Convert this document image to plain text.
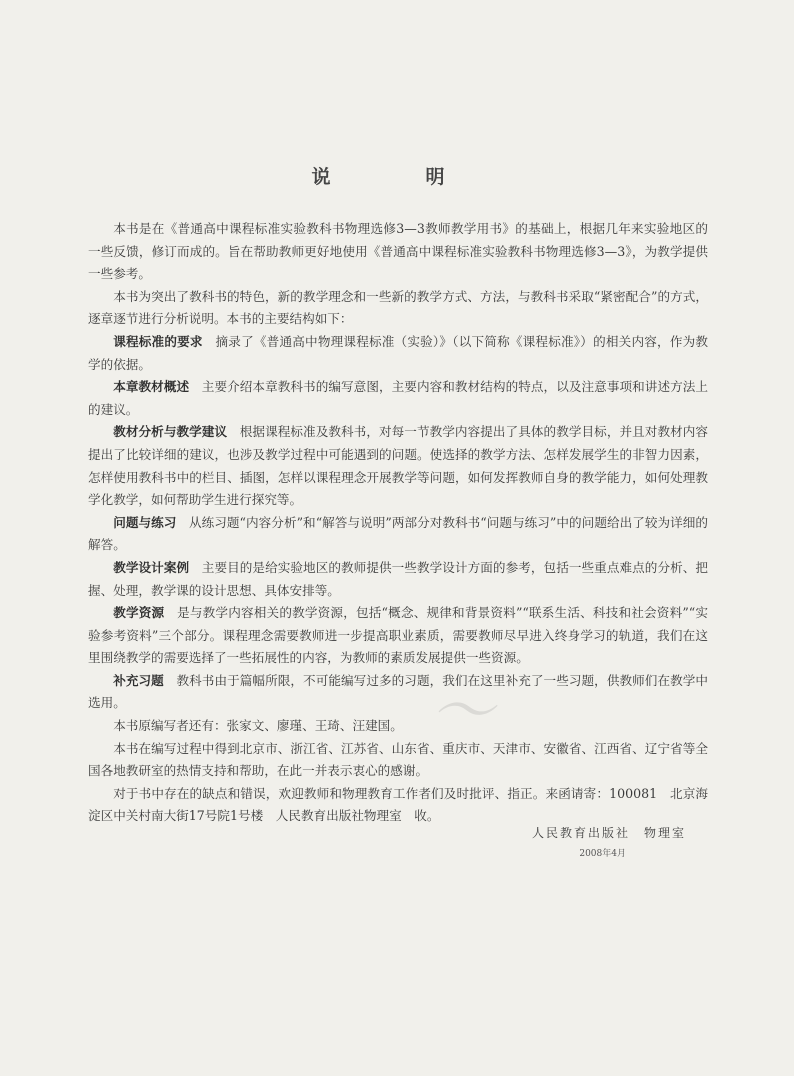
说　明

本书是在《普通高中课程标准实验教科书物理选修3—3教师教学用书》的基础上，根据几年来实验地区的一些反馈，修订而成的。旨在帮助教师更好地使用《普通高中课程标准实验教科书物理选修3—3》，为教学提供一些参考。

本书为突出了教科书的特色，新的教学理念和一些新的教学方式、方法，与教科书采取“紧密配合”的方式，逐章逐节进行分析说明。本书的主要结构如下：

课程标准的要求　摘录了《普通高中物理课程标准（实验）》（以下简称《课程标准》）的相关内容，作为教学的依据。

本章教材概述　主要介绍本章教科书的编写意图，主要内容和教材结构的特点，以及注意事项和讲述方法上的建议。

教材分析与教学建议　根据课程标准及教科书，对每一节教学内容提出了具体的教学目标，并且对教材内容提出了比较详细的建议，也涉及教学过程中可能遇到的问题。使选择的教学方法、怎样发展学生的非智力因素，怎样使用教科书中的栏目、插图，怎样以课程理念开展教学等问题，如何发挥教师自身的教学能力，如何处理教学化教学，如何帮助学生进行探究等。

问题与练习　从练习题“内容分析”和“解答与说明”两部分对教科书“问题与练习”中的问题给出了较为详细的解答。

教学设计案例　主要目的是给实验地区的教师提供一些教学设计方面的参考，包括一些重点难点的分析、把握、处理，教学课的设计思想、具体安排等。

教学资源　是与教学内容相关的教学资源，包括“概念、规律和背景资料”“联系生活、科技和社会资料”“实验参考资料”三个部分。课程理念需要教师进一步提高职业素质，需要教师尽早进入终身学习的轨道，我们在这里围绕教学的需要选择了一些拓展性的内容，为教师的素质发展提供一些资源。

补充习题　教科书由于篇幅所限，不可能编写过多的习题，我们在这里补充了一些习题，供教师们在教学中选用。

本书原编写者还有：张家文、廖瑾、王琦、汪建国。

本书在编写过程中得到北京市、浙江省、江苏省、山东省、重庆市、天津市、安徽省、江西省、辽宁省等全国各地教研室的热情支持和帮助，在此一并表示衷心的感谢。

对于书中存在的缺点和错误，欢迎教师和物理教育工作者们及时批评、指正。来函请寄：100081　北京海淀区中关村南大街17号院1号楼　人民教育出版社物理室　收。

〜
人民教育出版社　物理室
2008年4月
